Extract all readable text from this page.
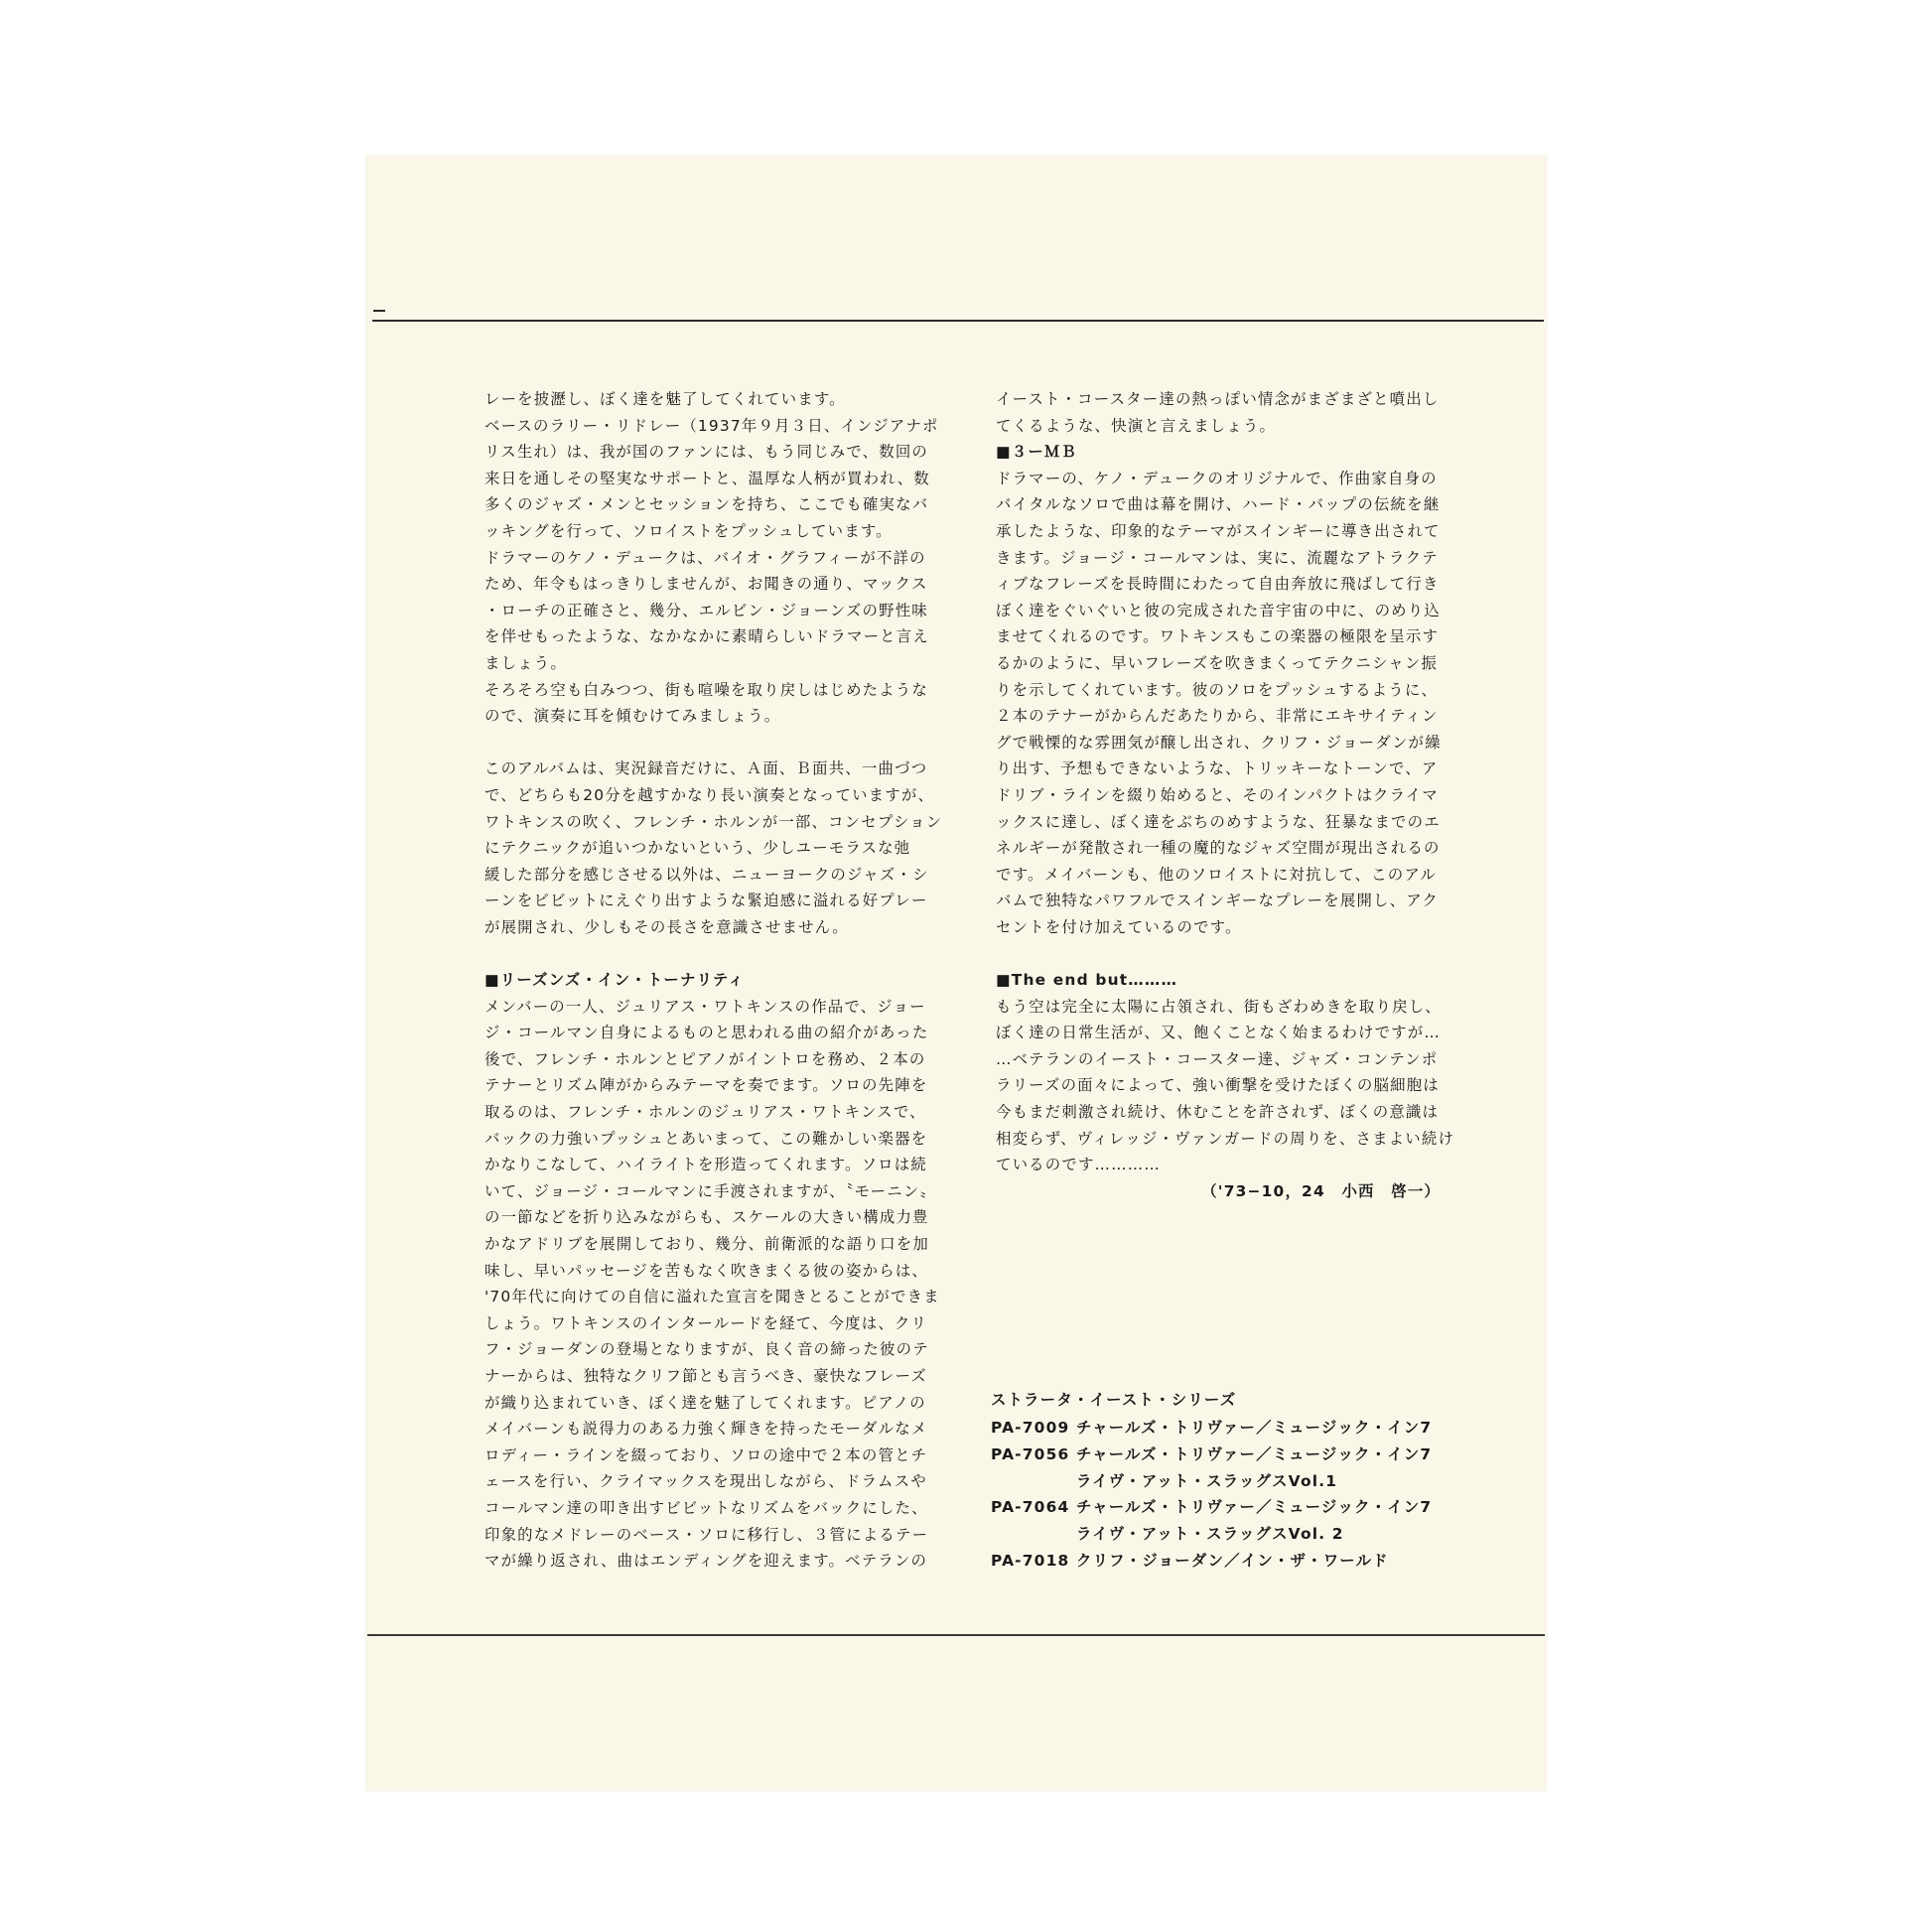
レーを披瀝し、ぼく達を魅了してくれています。
ベースのラリー・リドレー（1937年９月３日、インジアナポ
リス生れ）は、我が国のファンには、もう同じみで、数回の
来日を通しその堅実なサポートと、温厚な人柄が買われ、数
多くのジャズ・メンとセッションを持ち、ここでも確実なバ
ッキングを行って、ソロイストをプッシュしています。
ドラマーのケノ・デュークは、バイオ・グラフィーが不詳の
ため、年令もはっきりしませんが、お聞きの通り、マックス
・ローチの正確さと、幾分、エルビン・ジョーンズの野性味
を伴せもったような、なかなかに素晴らしいドラマーと言え
ましょう。
そろそろ空も白みつつ、街も喧噪を取り戻しはじめたような
ので、演奏に耳を傾むけてみましょう。
このアルバムは、実況録音だけに、Ａ面、Ｂ面共、一曲づつ
で、どちらも20分を越すかなり長い演奏となっていますが、
ワトキンスの吹く、フレンチ・ホルンが一部、コンセプション
にテクニックが追いつかないという、少しユーモラスな弛
緩した部分を感じさせる以外は、ニューヨークのジャズ・シ
ーンをビビットにえぐり出すような緊迫感に溢れる好プレー
が展開され、少しもその長さを意識させません。
■リーズンズ・イン・トーナリティ
メンバーの一人、ジュリアス・ワトキンスの作品で、ジョー
ジ・コールマン自身によるものと思われる曲の紹介があった
後で、フレンチ・ホルンとピアノがイントロを務め、２本の
テナーとリズム陣がからみテーマを奏でます。ソロの先陣を
取るのは、フレンチ・ホルンのジュリアス・ワトキンスで、
バックの力強いプッシュとあいまって、この難かしい楽器を
かなりこなして、ハイライトを形造ってくれます。ソロは続
いて、ジョージ・コールマンに手渡されますが、〝モーニン〟
の一節などを折り込みながらも、スケールの大きい構成力豊
かなアドリブを展開しており、幾分、前衛派的な語り口を加
味し、早いパッセージを苦もなく吹きまくる彼の姿からは、
'70年代に向けての自信に溢れた宣言を聞きとることができま
しょう。ワトキンスのインタールードを経て、今度は、クリ
フ・ジョーダンの登場となりますが、良く音の締った彼のテ
ナーからは、独特なクリフ節とも言うべき、豪快なフレーズ
が織り込まれていき、ぼく達を魅了してくれます。ピアノの
メイバーンも説得力のある力強く輝きを持ったモーダルなメ
ロディー・ラインを綴っており、ソロの途中で２本の管とチ
ェースを行い、クライマックスを現出しながら、ドラムスや
コールマン達の叩き出すビビットなリズムをバックにした、
印象的なメドレーのベース・ソロに移行し、３管によるテー
マが繰り返され、曲はエンディングを迎えます。ベテランの
イースト・コースター達の熱っぽい情念がまざまざと噴出し
てくるような、快演と言えましょう。
■３ーＭＢ
ドラマーの、ケノ・デュークのオリジナルで、作曲家自身の
バイタルなソロで曲は幕を開け、ハード・バップの伝統を継
承したような、印象的なテーマがスインギーに導き出されて
きます。ジョージ・コールマンは、実に、流麗なアトラクテ
ィブなフレーズを長時間にわたって自由奔放に飛ばして行き
ぼく達をぐいぐいと彼の完成された音宇宙の中に、のめり込
ませてくれるのです。ワトキンスもこの楽器の極限を呈示す
るかのように、早いフレーズを吹きまくってテクニシャン振
りを示してくれています。彼のソロをプッシュするように、
２本のテナーがからんだあたりから、非常にエキサイティン
グで戦慄的な雰囲気が醸し出され、クリフ・ジョーダンが繰
り出す、予想もできないような、トリッキーなトーンで、ア
ドリブ・ラインを綴り始めると、そのインパクトはクライマ
ックスに達し、ぼく達をぶちのめすような、狂暴なまでのエ
ネルギーが発散され一種の魔的なジャズ空間が現出されるの
です。メイバーンも、他のソロイストに対抗して、このアル
バムで独特なパワフルでスインギーなプレーを展開し、アク
セントを付け加えているのです。
■The end but………
もう空は完全に太陽に占領され、街もざわめきを取り戻し、
ぼく達の日常生活が、又、飽くことなく始まるわけですが…
…ベテランのイースト・コースター達、ジャズ・コンテンポ
ラリーズの面々によって、強い衝撃を受けたぼくの脳細胞は
今もまだ刺激され続け、休むことを許されず、ぼくの意識は
相変らず、ヴィレッジ・ヴァンガードの周りを、さまよい続け
ているのです…………
（'73−10，24　小西　啓一）
ストラータ・イースト・シリーズ
PA-7009 チャールズ・トリヴァー／ミュージック・イン7
PA-7056 チャールズ・トリヴァー／ミュージック・イン7
ライヴ・アット・スラッグスVol.1
PA-7064 チャールズ・トリヴァー／ミュージック・イン7
ライヴ・アット・スラッグスVol. 2
PA-7018 クリフ・ジョーダン／イン・ザ・ワールド
